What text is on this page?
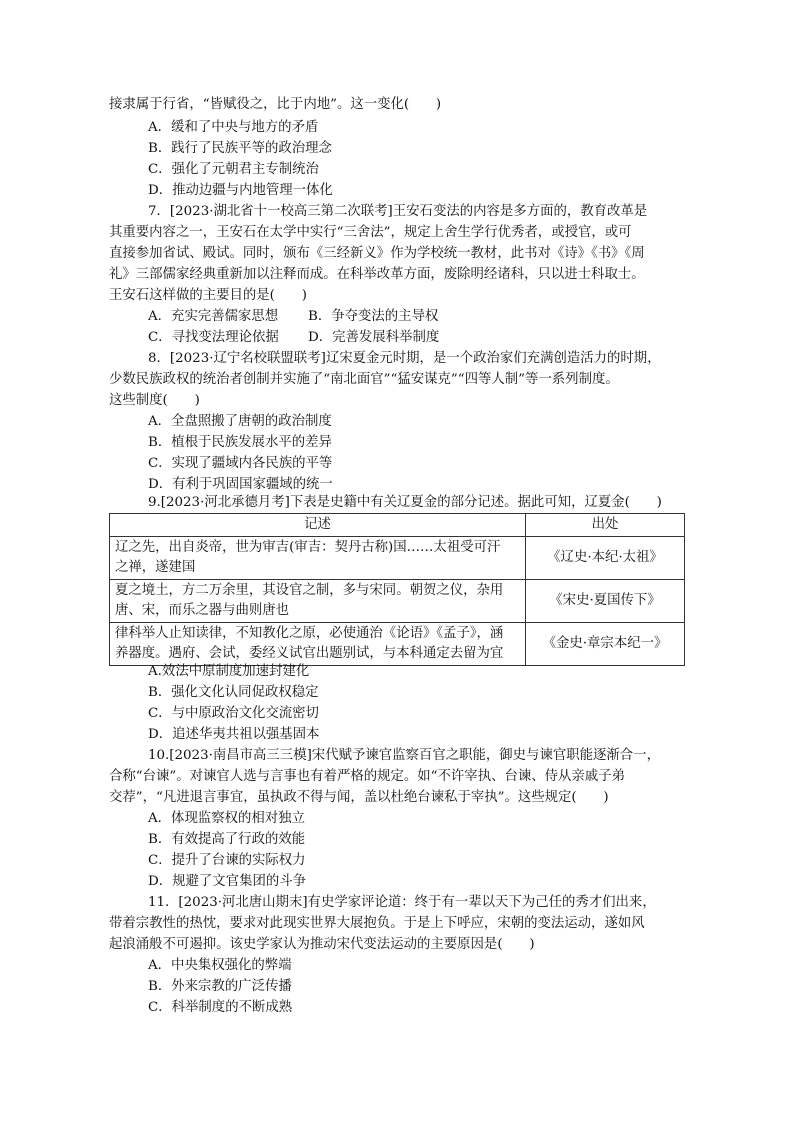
接隶属于行省，“皆赋役之，比于内地”。这一变化(　　)
A．缓和了中央与地方的矛盾
B．践行了民族平等的政治理念
C．强化了元朝君主专制统治
D．推动边疆与内地管理一体化
7．[2023·湖北省十一校高三第二次联考]王安石变法的内容是多方面的，教育改革是
其重要内容之一，王安石在太学中实行“三舍法”，规定上舍生学行优秀者，或授官，或可
直接参加省试、殿试。同时，颁布《三经新义》作为学校统一教材，此书对《诗》《书》《周
礼》三部儒家经典重新加以注释而成。在科举改革方面，废除明经诸科，只以进士科取士。
王安石这样做的主要目的是(　　)
A．充实完善儒家思想 B．争夺变法的主导权
C．寻找变法理论依据 D．完善发展科举制度
8．[2023·辽宁名校联盟联考]辽宋夏金元时期，是一个政治家们充满创造活力的时期，
少数民族政权的统治者创制并实施了“南北面官”“猛安谋克”“四等人制”等一系列制度。
这些制度(　　)
A．全盘照搬了唐朝的政治制度
B．植根于民族发展水平的差异
C．实现了疆域内各民族的平等
D．有利于巩固国家疆域的统一
9.[2023·河北承德月考]下表是史籍中有关辽夏金的部分记述。据此可知，辽夏金(　　)
记述	出处
辽之先，出自炎帝，世为审吉(审吉：契丹古称)国……太祖受可汗
之禅，遂建国	《辽史·本纪·太祖》
夏之境土，方二万余里，其设官之制，多与宋同。朝贺之仪，杂用
唐、宋，而乐之器与曲则唐也	《宋史·夏国传下》
律科举人止知读律，不知教化之原，必使通治《论语》《孟子》，涵
养器度。遇府、会试，委经义试官出题别试，与本科通定去留为宜	《金史·章宗本纪一》
A.效法中原制度加速封建化
B．强化文化认同促政权稳定
C．与中原政治文化交流密切
D．追述华夷共祖以强基固本
10.[2023·南昌市高三三模]宋代赋予谏官监察百官之职能，御史与谏官职能逐渐合一，
合称“台谏”。对谏官人选与言事也有着严格的规定。如“不许宰执、台谏、侍从亲戚子弟
交荐”，“凡进退言事宜，虽执政不得与闻，盖以杜绝台谏私于宰执”。这些规定(　　)
A．体现监察权的相对独立
B．有效提高了行政的效能
C．提升了台谏的实际权力
D．规避了文官集团的斗争
11．[2023·河北唐山期末]有史学家评论道：终于有一辈以天下为己任的秀才们出来，
带着宗教性的热忱，要求对此现实世界大展抱负。于是上下呼应，宋朝的变法运动，遂如风
起浪涌般不可遏抑。该史学家认为推动宋代变法运动的主要原因是(　　)
A．中央集权强化的弊端
B．外来宗教的广泛传播
C．科举制度的不断成熟
